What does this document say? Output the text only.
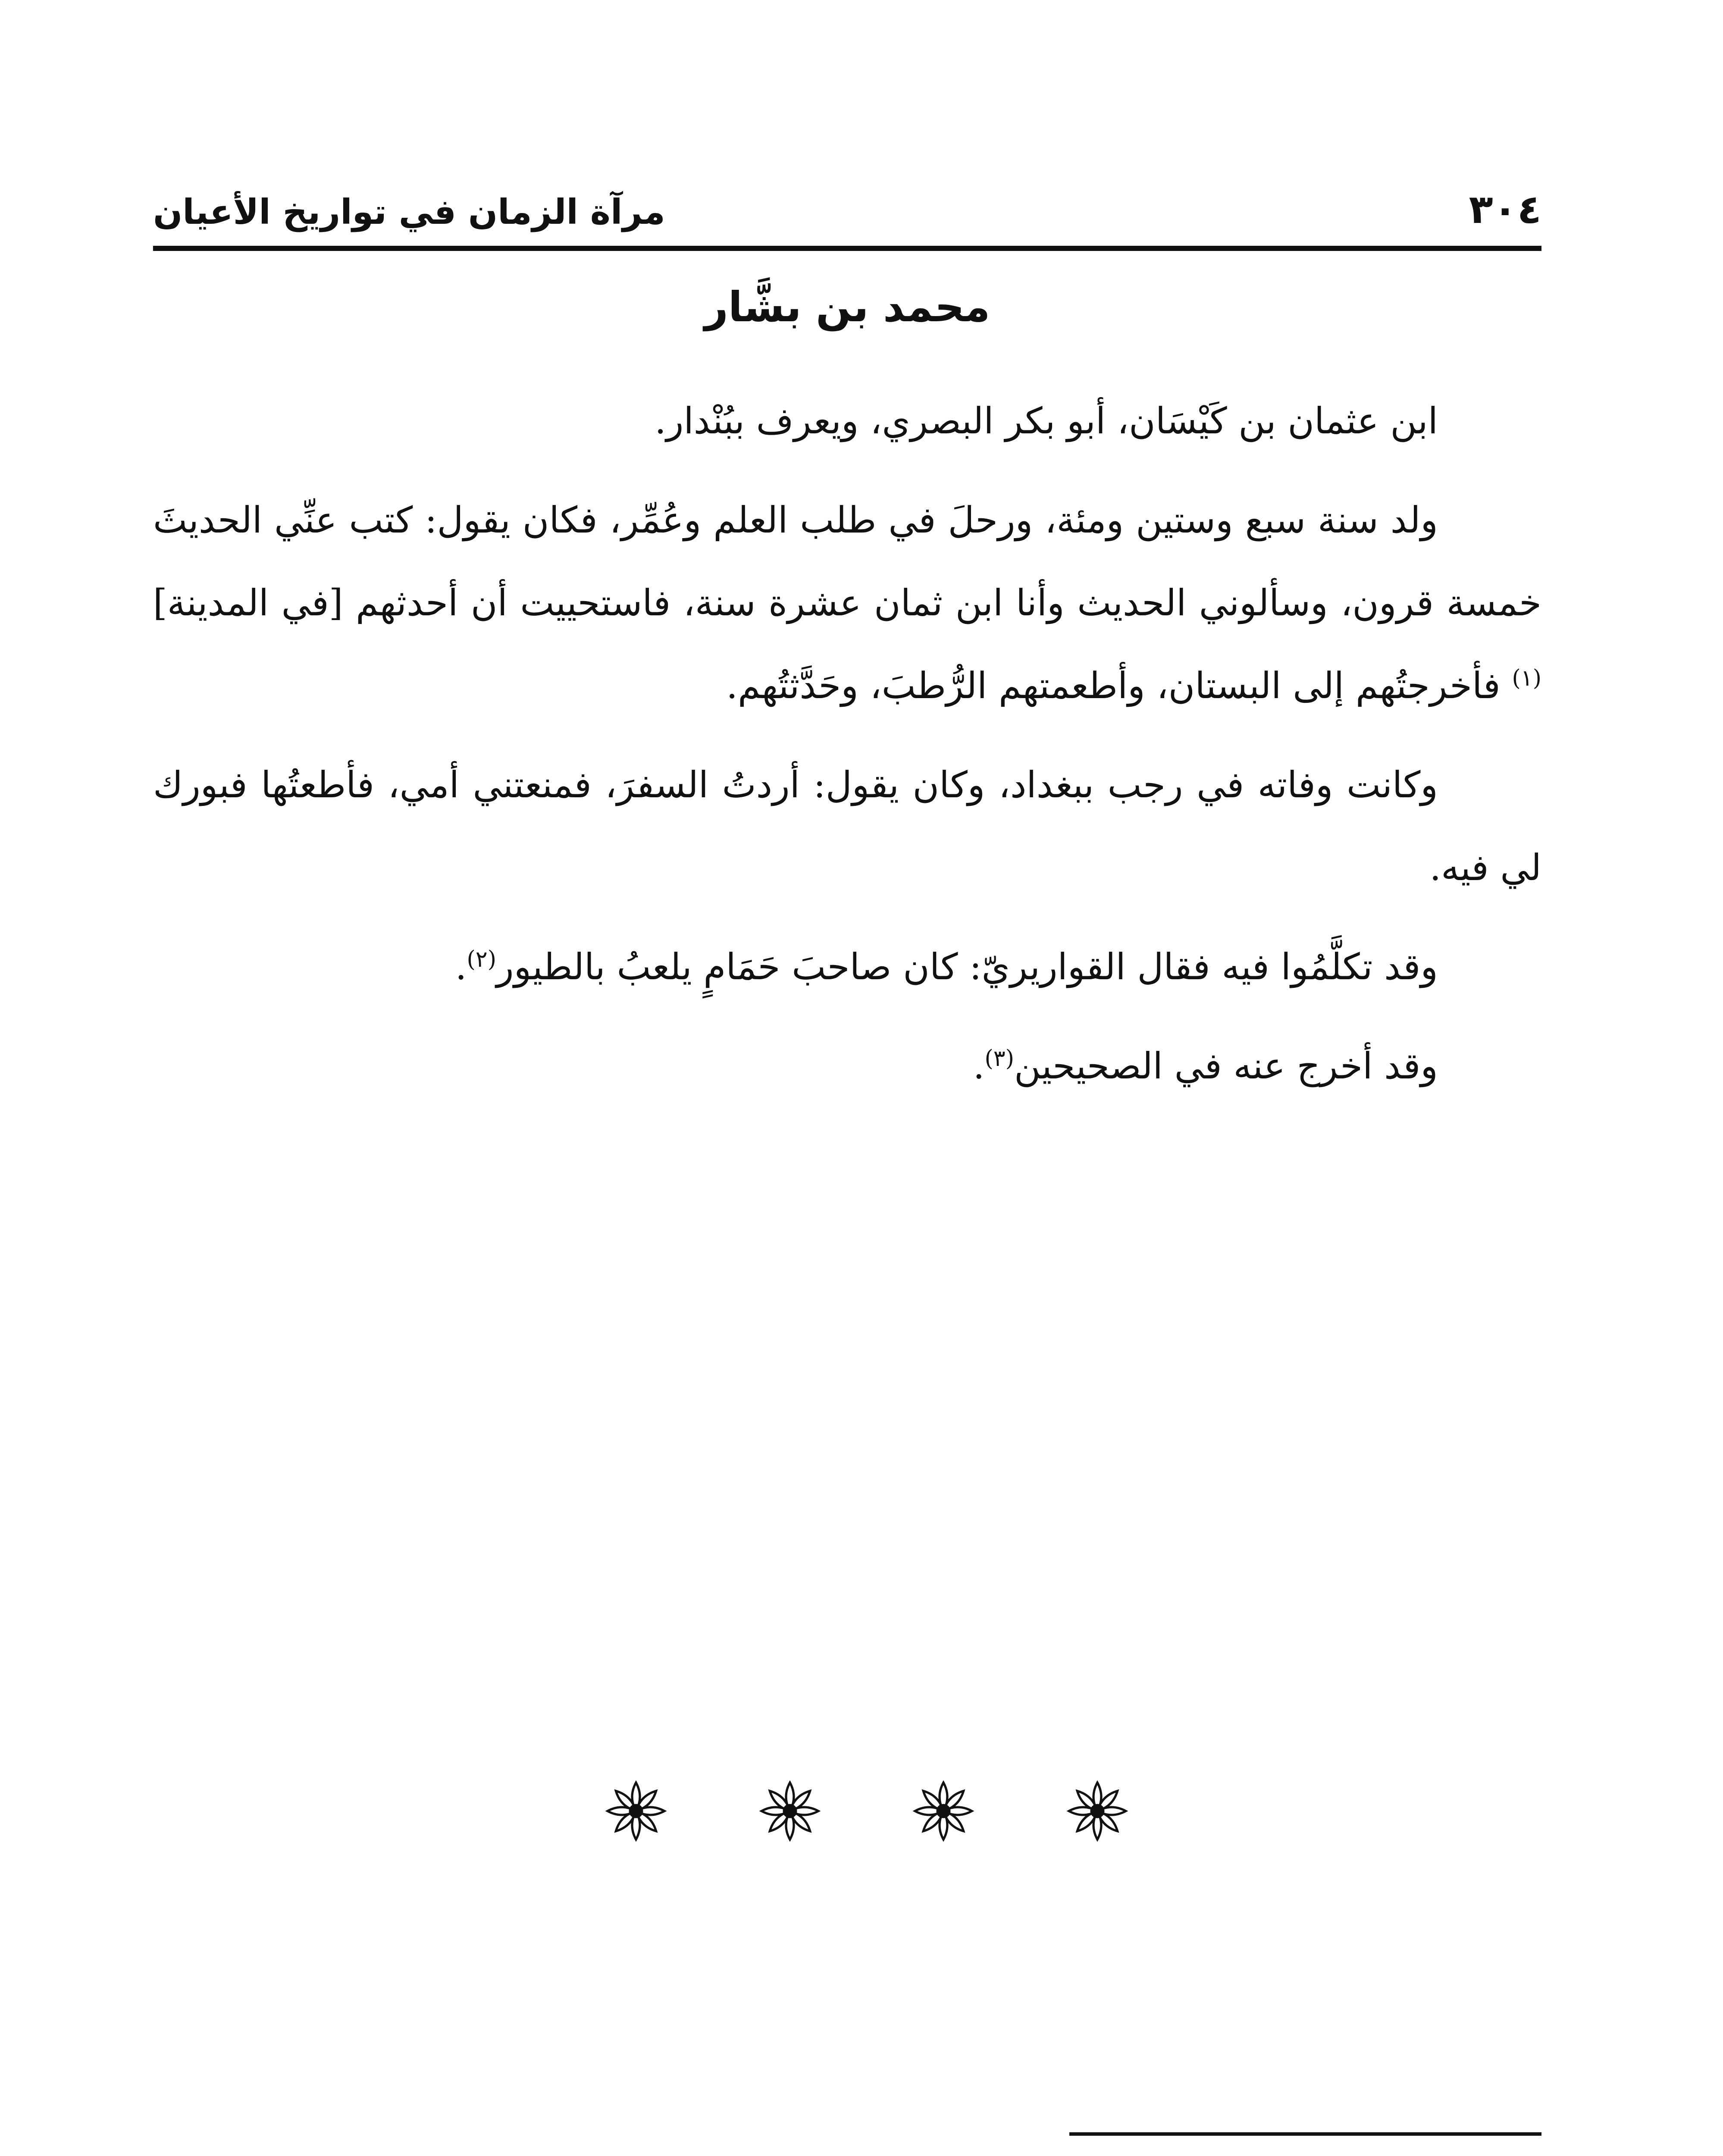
٣٠٤
مرآة الزمان في تواريخ الأعيان
محمد بن بشَّار

ابن عثمان بن كَيْسَان، أبو بكر البصري، ويعرف ببُنْدار.

ولد سنة سبع وستين ومئة، ورحلَ في طلب العلم وعُمِّر، فكان يقول: كتب عنِّي الحديثَ خمسة قرون، وسألوني الحديث وأنا ابن ثمان عشرة سنة، فاستحييت أن أحدثهم [في المدينة]$^{(١)}$ فأخرجتُهم إلى البستان، وأطعمتهم الرُّطبَ، وحَدَّثتُهم.

وكانت وفاته في رجب ببغداد، وكان يقول: أردتُ السفرَ، فمنعتني أمي، فأطعتُها فبورك لي فيه.

وقد تكلَّمُوا فيه فقال القواريريّ: كان صاحبَ حَمَامٍ يلعبُ بالطيور$^{(٢)}$.

وقد أخرج عنه في الصحيحين$^{(٣)}$.
